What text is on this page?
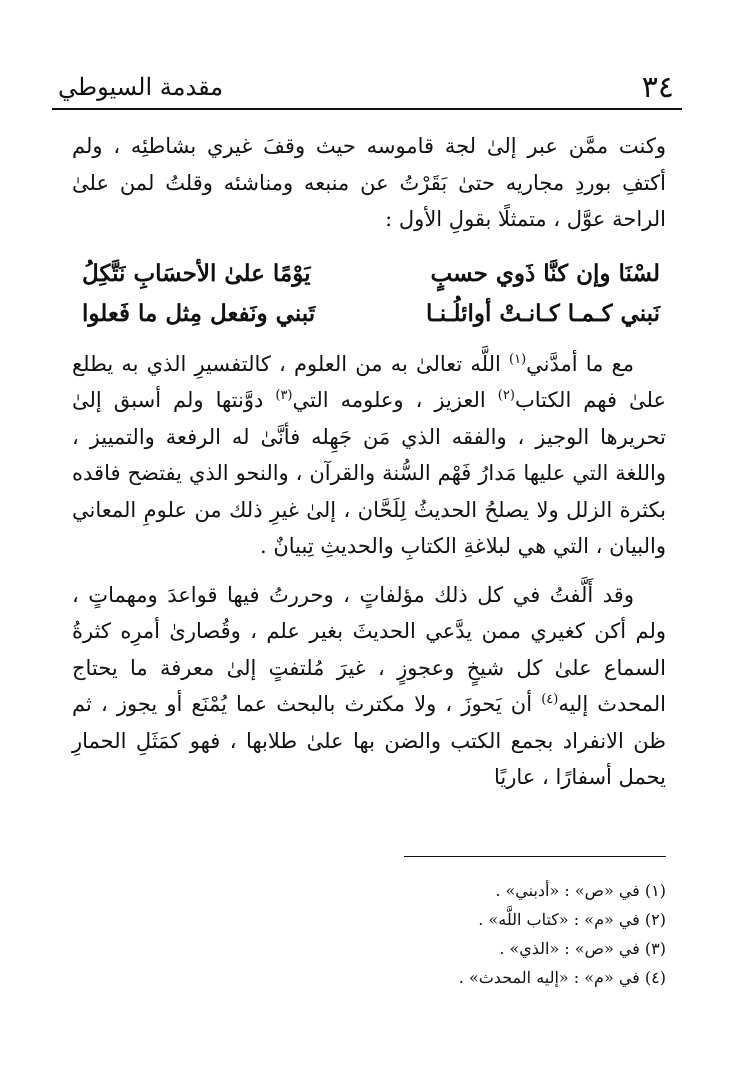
٣٤
مقدمة السيوطي

وكنت ممَّن عبر إلىٰ لجة قاموسه حيث وقفَ غيري بشاطئِه ، ولم أكتفِ بوردِ مجاريه حتىٰ بَقَرْتُ عن منبعه ومناشئه وقلتُ لمن علىٰ الراحة عوَّل ، متمثلًا بقولِ الأول :

لسْنَا وإن كنَّا ذَوي حسبٍ
يَوْمًا علىٰ الأحسَابِ نَتَّكِلُ
نَبني كـمـا كـانـتْ أوائلُـنـا
تَبني ونَفعل مِثل ما فَعلوا

مع ما أمدَّني$^{(١)}$ اللَّه تعالىٰ به من العلوم ، كالتفسيرِ الذي به يطلع علىٰ فهم الكتاب$^{(٢)}$ العزيز ، وعلومه التي$^{(٣)}$ دوَّنتها ولم أسبق إلىٰ تحريرها الوجيز ، والفقه الذي مَن جَهِله فأنَّىٰ له الرفعة والتمييز ، واللغة التي عليها مَدارُ فَهْم السُّنة والقرآن ، والنحو الذي يفتضح فاقده بكثرة الزلل ولا يصلحُ الحديثُ لِلَحَّان ، إلىٰ غيرِ ذلك من علومِ المعاني والبيان ، التي هي لبلاغةِ الكتابِ والحديثِ تِبيانٌ .

وقد أَلَّفتُ في كل ذلك مؤلفاتٍ ، وحررتُ فيها قواعدَ ومهماتٍ ، ولم أكن كغيري ممن يدَّعي الحديثَ بغير علم ، وقُصارىٰ أمرِه كثرةُ السماع علىٰ كل شيخٍ وعجوزٍ ، غيرَ مُلتفتٍ إلىٰ معرفة ما يحتاج المحدث إليه$^{(٤)}$ أن يَحوزَ ، ولا مكترث بالبحث عما يُمْنَع أو يجوز ، ثم ظن الانفراد بجمع الكتب والضن بها علىٰ طلابها ، فهو كمَثَلِ الحمارِ يحمل أسفارًا ، عاريًا

(١) في «ص» : «أدبني» .

(٢) في «م» : «كتاب اللَّه» .

(٣) في «ص» : «الذي» .

(٤) في «م» : «إليه المحدث» .
